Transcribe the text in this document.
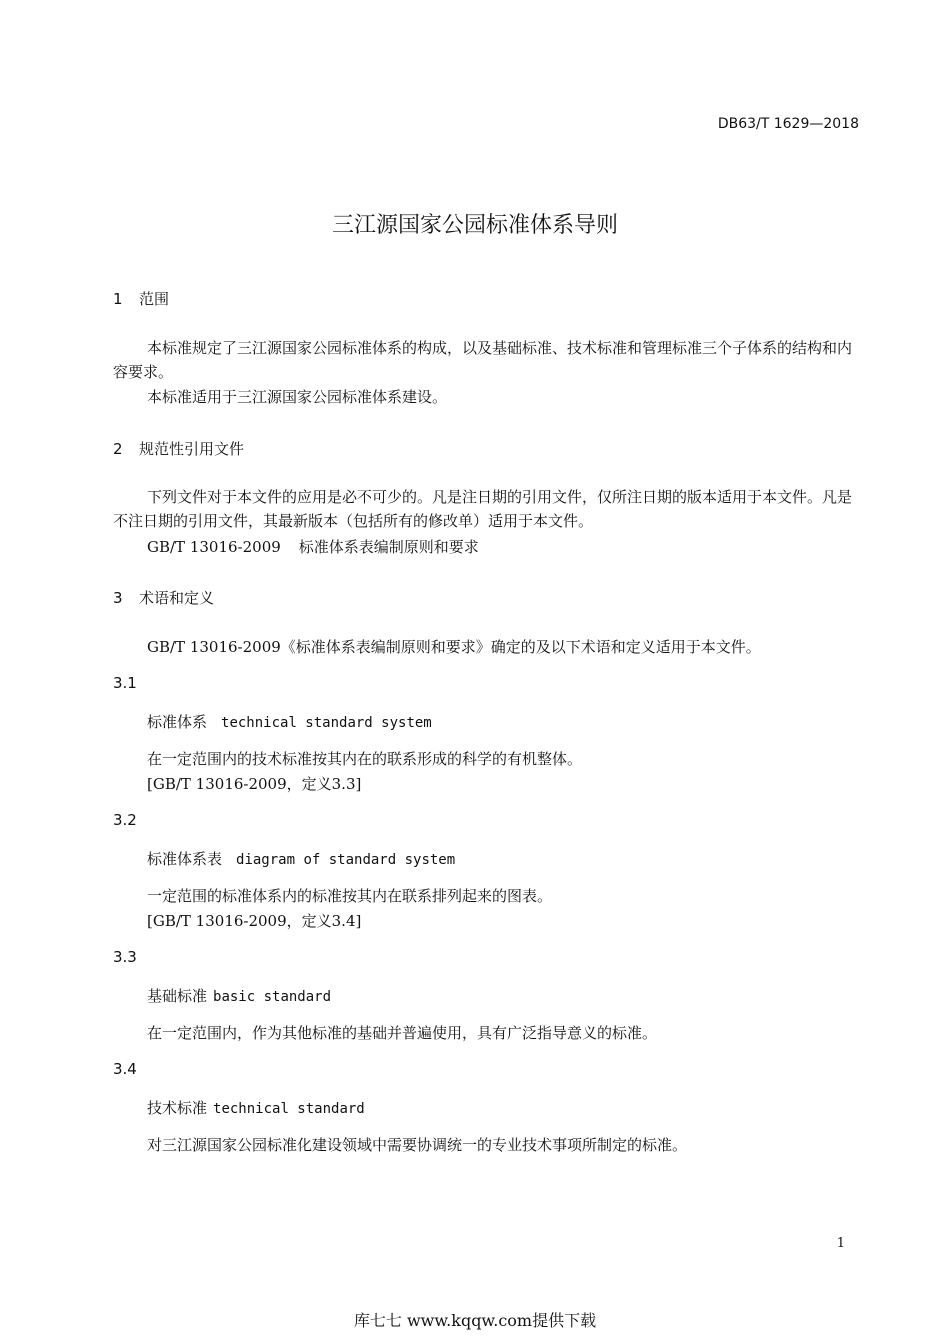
DB63/T 1629—2018
三江源国家公园标准体系导则
1 范围
本标准规定了三江源国家公园标准体系的构成，以及基础标准、技术标准和管理标准三个子体系的结构和内容要求。
本标准适用于三江源国家公园标准体系建设。
2 规范性引用文件
下列文件对于本文件的应用是必不可少的。凡是注日期的引用文件，仅所注日期的版本适用于本文件。凡是不注日期的引用文件，其最新版本（包括所有的修改单）适用于本文件。
GB/T 13016-2009 标准体系表编制原则和要求
3 术语和定义
GB/T 13016-2009《标准体系表编制原则和要求》确定的及以下术语和定义适用于本文件。
3.1
标准体系 technical standard system
在一定范围内的技术标准按其内在的联系形成的科学的有机整体。
[GB/T 13016-2009，定义3.3]
3.2
标准体系表 diagram of standard system
一定范围的标准体系内的标准按其内在联系排列起来的图表。
[GB/T 13016-2009，定义3.4]
3.3
基础标准 basic standard
在一定范围内，作为其他标准的基础并普遍使用，具有广泛指导意义的标准。
3.4
技术标准 technical standard
对三江源国家公园标准化建设领域中需要协调统一的专业技术事项所制定的标准。
1
库七七 www.kqqw.com提供下载
